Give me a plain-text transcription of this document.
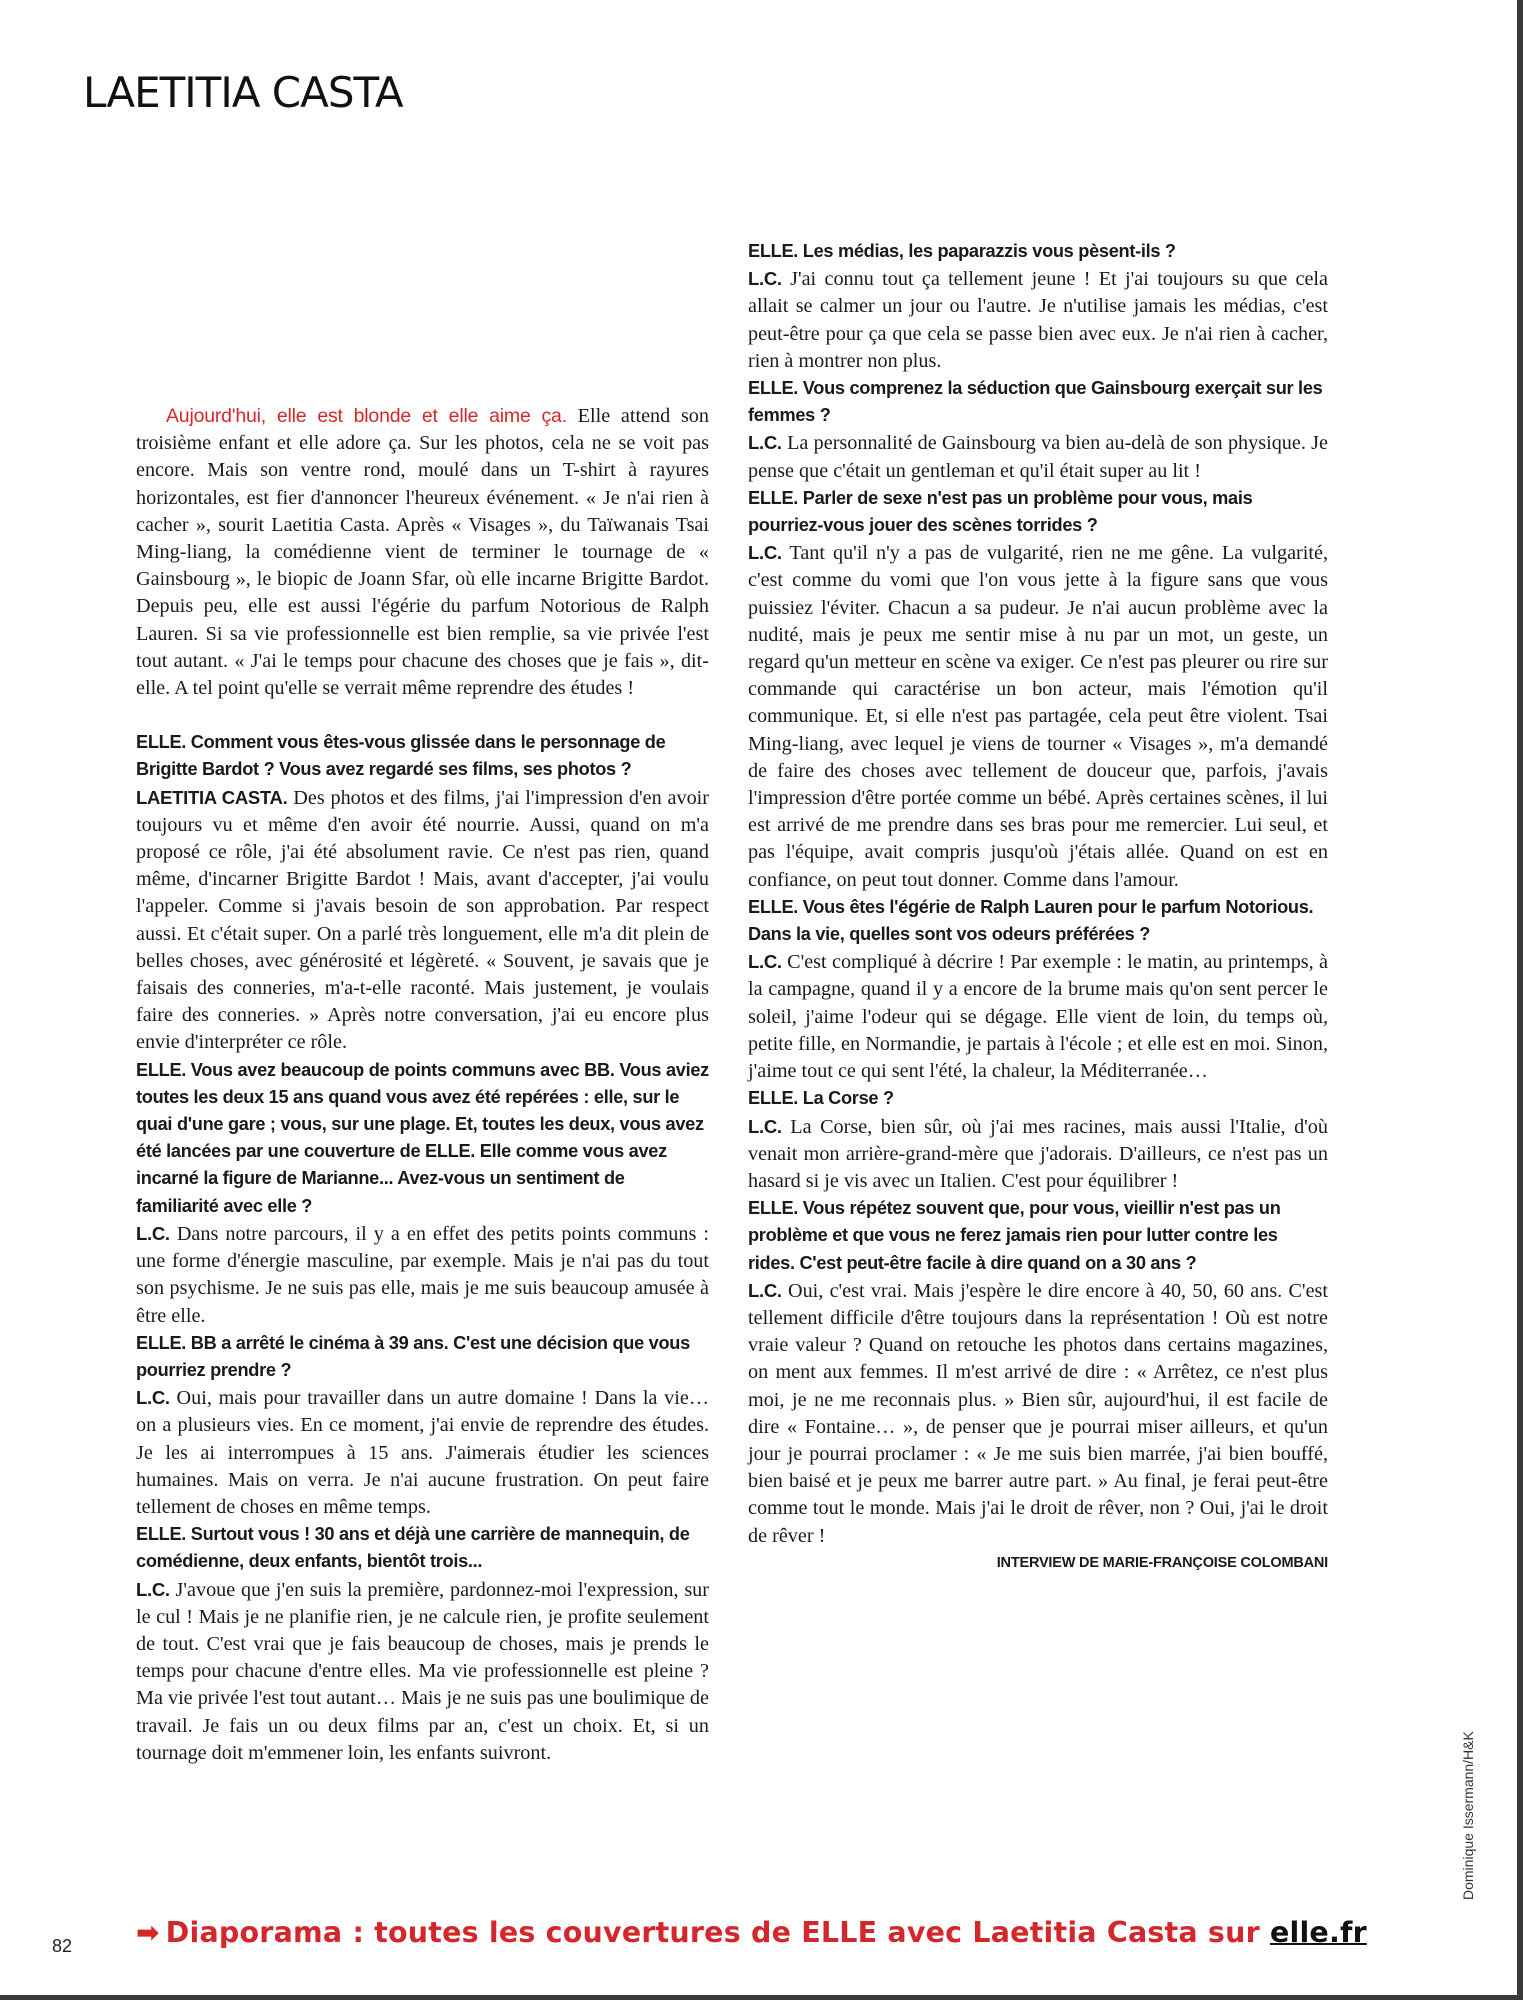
LAETITIA CASTA

Aujourd'hui, elle est blonde et elle aime ça. Elle attend son troisième enfant et elle adore ça. Sur les photos, cela ne se voit pas encore. Mais son ventre rond, moulé dans un T-shirt à rayures horizontales, est fier d'annoncer l'heureux événement. « Je n'ai rien à cacher », sourit Laetitia Casta. Après « Visages », du Taïwanais Tsai Ming-liang, la comédienne vient de terminer le tournage de « Gainsbourg », le biopic de Joann Sfar, où elle incarne Brigitte Bardot. Depuis peu, elle est aussi l'égérie du parfum Notorious de Ralph Lauren. Si sa vie professionnelle est bien remplie, sa vie privée l'est tout autant. « J'ai le temps pour chacune des choses que je fais », dit-elle. A tel point qu'elle se verrait même reprendre des études !

ELLE. Comment vous êtes-vous glissée dans le personnage de Brigitte Bardot ? Vous avez regardé ses films, ses photos ?

LAETITIA CASTA. Des photos et des films, j'ai l'impression d'en avoir toujours vu et même d'en avoir été nourrie. Aussi, quand on m'a proposé ce rôle, j'ai été absolument ravie. Ce n'est pas rien, quand même, d'incarner Brigitte Bardot ! Mais, avant d'accepter, j'ai voulu l'appeler. Comme si j'avais besoin de son approbation. Par respect aussi. Et c'était super. On a parlé très longuement, elle m'a dit plein de belles choses, avec générosité et légèreté. « Souvent, je savais que je faisais des conneries, m'a-t-elle raconté. Mais justement, je voulais faire des conneries. » Après notre conversation, j'ai eu encore plus envie d'interpréter ce rôle.

ELLE. Vous avez beaucoup de points communs avec BB. Vous aviez toutes les deux 15 ans quand vous avez été repérées : elle, sur le quai d'une gare ; vous, sur une plage. Et, toutes les deux, vous avez été lancées par une couverture de ELLE. Elle comme vous avez incarné la figure de Marianne... Avez-vous un sentiment de familiarité avec elle ?

L.C. Dans notre parcours, il y a en effet des petits points communs : une forme d'énergie masculine, par exemple. Mais je n'ai pas du tout son psychisme. Je ne suis pas elle, mais je me suis beaucoup amusée à être elle.

ELLE. BB a arrêté le cinéma à 39 ans. C'est une décision que vous pourriez prendre ?

L.C. Oui, mais pour travailler dans un autre domaine ! Dans la vie… on a plusieurs vies. En ce moment, j'ai envie de reprendre des études. Je les ai interrompues à 15 ans. J'aimerais étudier les sciences humaines. Mais on verra. Je n'ai aucune frustration. On peut faire tellement de choses en même temps.

ELLE. Surtout vous ! 30 ans et déjà une carrière de mannequin, de comédienne, deux enfants, bientôt trois...

L.C. J'avoue que j'en suis la première, pardonnez-moi l'expression, sur le cul ! Mais je ne planifie rien, je ne calcule rien, je profite seulement de tout. C'est vrai que je fais beaucoup de choses, mais je prends le temps pour chacune d'entre elles. Ma vie professionnelle est pleine ? Ma vie privée l'est tout autant… Mais je ne suis pas une boulimique de travail. Je fais un ou deux films par an, c'est un choix. Et, si un tournage doit m'emmener loin, les enfants suivront.

ELLE. Les médias, les paparazzis vous pèsent-ils ?

L.C. J'ai connu tout ça tellement jeune ! Et j'ai toujours su que cela allait se calmer un jour ou l'autre. Je n'utilise jamais les médias, c'est peut-être pour ça que cela se passe bien avec eux. Je n'ai rien à cacher, rien à montrer non plus.

ELLE. Vous comprenez la séduction que Gainsbourg exerçait sur les femmes ?

L.C. La personnalité de Gainsbourg va bien au-delà de son physique. Je pense que c'était un gentleman et qu'il était super au lit !

ELLE. Parler de sexe n'est pas un problème pour vous, mais pourriez-vous jouer des scènes torrides ?

L.C. Tant qu'il n'y a pas de vulgarité, rien ne me gêne. La vulgarité, c'est comme du vomi que l'on vous jette à la figure sans que vous puissiez l'éviter. Chacun a sa pudeur. Je n'ai aucun problème avec la nudité, mais je peux me sentir mise à nu par un mot, un geste, un regard qu'un metteur en scène va exiger. Ce n'est pas pleurer ou rire sur commande qui caractérise un bon acteur, mais l'émotion qu'il communique. Et, si elle n'est pas partagée, cela peut être violent. Tsai Ming-liang, avec lequel je viens de tourner « Visages », m'a demandé de faire des choses avec tellement de douceur que, parfois, j'avais l'impression d'être portée comme un bébé. Après certaines scènes, il lui est arrivé de me prendre dans ses bras pour me remercier. Lui seul, et pas l'équipe, avait compris jusqu'où j'étais allée. Quand on est en confiance, on peut tout donner. Comme dans l'amour.

ELLE. Vous êtes l'égérie de Ralph Lauren pour le parfum Notorious. Dans la vie, quelles sont vos odeurs préférées ?

L.C. C'est compliqué à décrire ! Par exemple : le matin, au printemps, à la campagne, quand il y a encore de la brume mais qu'on sent percer le soleil, j'aime l'odeur qui se dégage. Elle vient de loin, du temps où, petite fille, en Normandie, je partais à l'école ; et elle est en moi. Sinon, j'aime tout ce qui sent l'été, la chaleur, la Méditerranée…

ELLE. La Corse ?

L.C. La Corse, bien sûr, où j'ai mes racines, mais aussi l'Italie, d'où venait mon arrière-grand-mère que j'adorais. D'ailleurs, ce n'est pas un hasard si je vis avec un Italien. C'est pour équilibrer !

ELLE. Vous répétez souvent que, pour vous, vieillir n'est pas un problème et que vous ne ferez jamais rien pour lutter contre les rides. C'est peut-être facile à dire quand on a 30 ans ?

L.C. Oui, c'est vrai. Mais j'espère le dire encore à 40, 50, 60 ans. C'est tellement difficile d'être toujours dans la représentation ! Où est notre vraie valeur ? Quand on retouche les photos dans certains magazines, on ment aux femmes. Il m'est arrivé de dire : « Arrêtez, ce n'est plus moi, je ne me reconnais plus. » Bien sûr, aujourd'hui, il est facile de dire « Fontaine… », de penser que je pourrai miser ailleurs, et qu'un jour je pourrai proclamer : « Je me suis bien marrée, j'ai bien bouffé, bien baisé et je peux me barrer autre part. » Au final, je ferai peut-être comme tout le monde. Mais j'ai le droit de rêver, non ? Oui, j'ai le droit de rêver !

INTERVIEW DE MARIE-FRANÇOISE COLOMBANI

Dominique Issermann/H&K
82 ➡ Diaporama : toutes les couvertures de ELLE avec Laetitia Casta sur elle.fr
